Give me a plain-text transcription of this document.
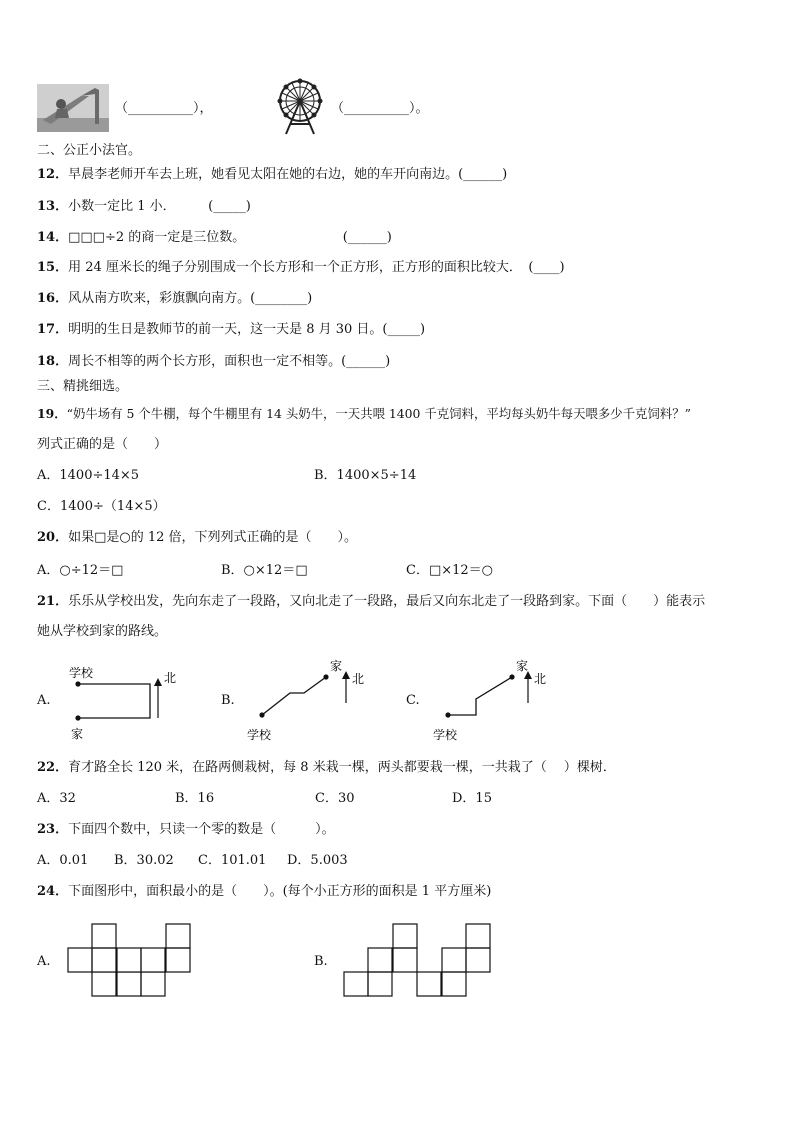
（__________），	（__________）。
二、公正小法官。
12．早晨李老师开车去上班，她看见太阳在她的右边，她的车开向南边。(______)
13．小数一定比 1 小．　　　(_____)
14．□□□÷2 的商一定是三位数。　　　　　　　　(______)
15．用 24 厘米长的绳子分别围成一个长方形和一个正方形，正方形的面积比较大．　(____)
16．风从南方吹来，彩旗飘向南方。(________)
17．明明的生日是教师节的前一天，这一天是 8 月 30 日。(_____)
18．周长不相等的两个长方形，面积也一定不相等。(______)
三、精挑细选。
19．“奶牛场有 5 个牛棚，每个牛棚里有 14 头奶牛，一天共喂 1400 千克饲料，平均每头奶牛每天喂多少千克饲料？”
列式正确的是（　　）
A．1400÷14×5	B．1400×5÷14
C．1400÷（14×5）
20．如果□是○的 12 倍，下列列式正确的是（　　）。
A．○÷12＝□	B．○×12＝□	C．□×12＝○
21．乐乐从学校出发，先向东走了一段路，又向北走了一段路，最后又向东北走了一段路到家。下面（　　）能表示
她从学校到家的路线。
A.
北
学校
家
B.
北
家
学校
C.
北
家
学校
22．育才路全长 120 米，在路两侧栽树，每 8 米栽一棵，两头都要栽一棵，一共栽了（　 ）棵树．
A．32	B．16	C．30	D．15
23．下面四个数中，只读一个零的数是（　　　）。
A．0.01 B．30.02 C．101.01 D．5.003
24．下面图形中，面积最小的是（　　）。(每个小正方形的面积是 1 平方厘米)
A.	B.
